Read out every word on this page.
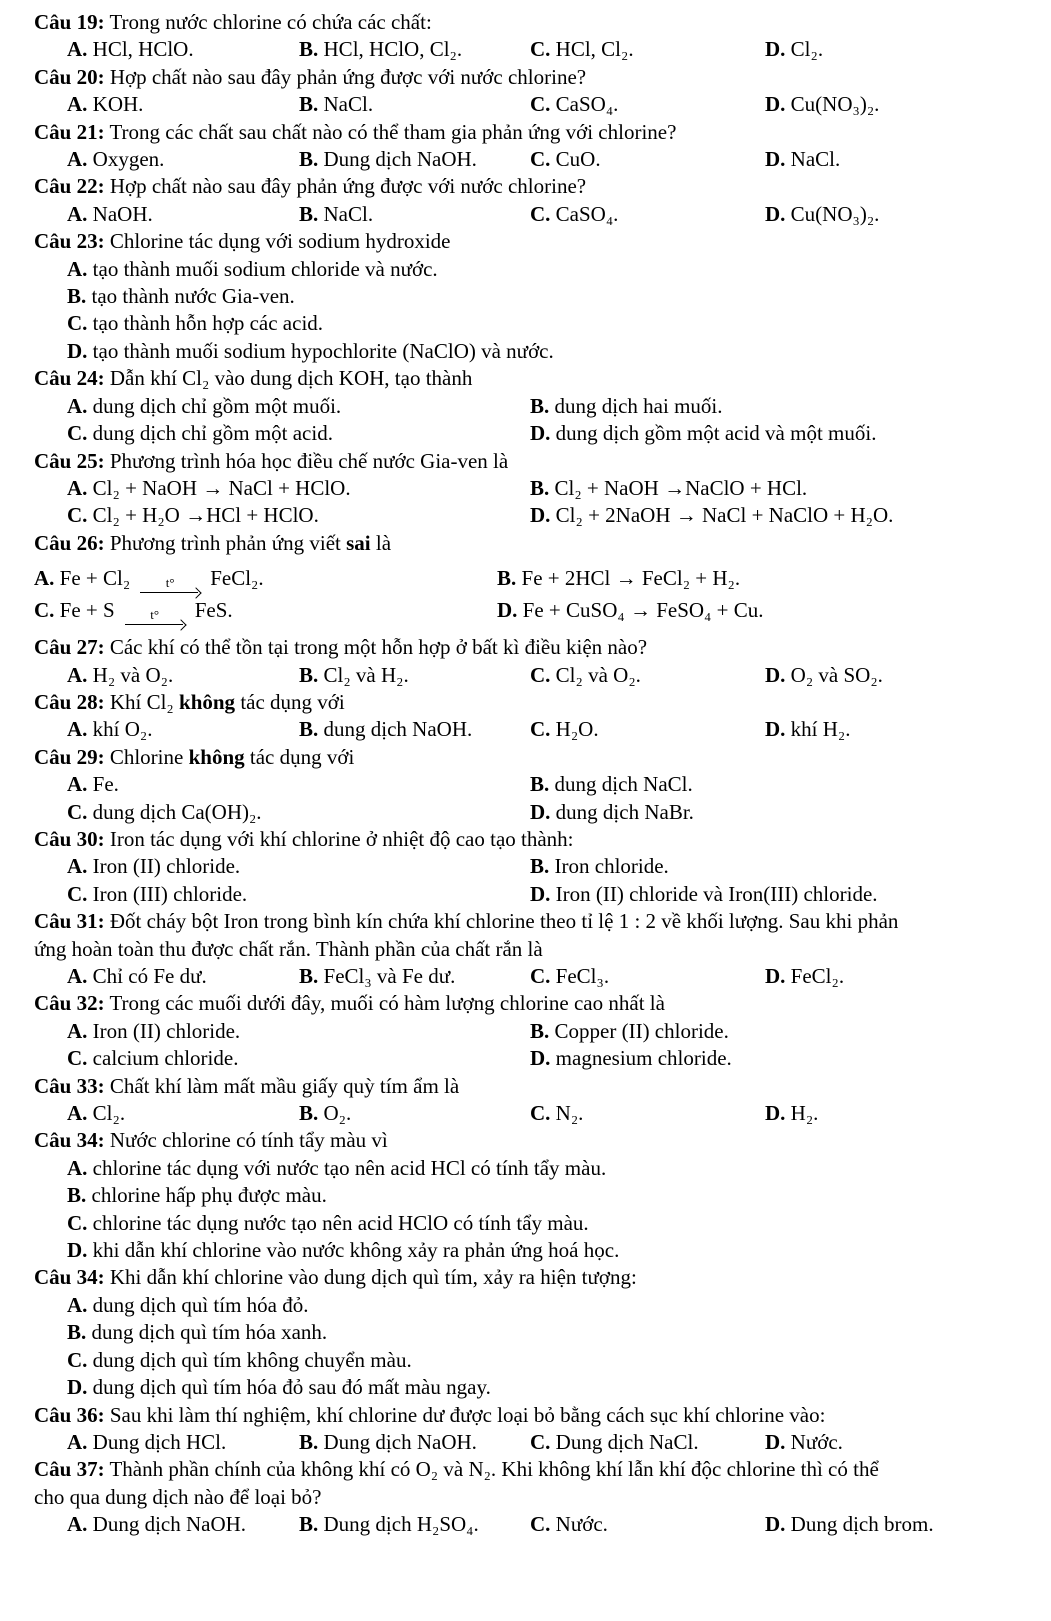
Câu 19: Trong nước chlorine có chứa các chất:
A. HCl, HClO.	B. HCl, HClO, Cl₂.	C. HCl, Cl₂.	D. Cl₂.
Câu 20: Hợp chất nào sau đây phản ứng được với nước chlorine?
A. KOH.	B. NaCl.	C. CaSO₄.	D. Cu(NO₃)₂.
Câu 21: Trong các chất sau chất nào có thể tham gia phản ứng với chlorine?
A. Oxygen.	B. Dung dịch NaOH.	C. CuO.	D. NaCl.
Câu 22: Hợp chất nào sau đây phản ứng được với nước chlorine?
A. NaOH.	B. NaCl.	C. CaSO₄.	D. Cu(NO₃)₂.
Câu 23: Chlorine tác dụng với sodium hydroxide
A. tạo thành muối sodium chloride và nước.
B. tạo thành nước Gia-ven.
C. tạo thành hỗn hợp các acid.
D. tạo thành muối sodium hypochlorite (NaClO) và nước.
Câu 24: Dẫn khí Cl₂ vào dung dịch KOH, tạo thành
A. dung dịch chỉ gồm một muối.	B. dung dịch hai muối.
C. dung dịch chỉ gồm một acid.	D. dung dịch gồm một acid và một muối.
Câu 25: Phương trình hóa học điều chế nước Gia-ven là
A. Cl₂ + NaOH → NaCl + HClO.	B. Cl₂ + NaOH →NaClO + HCl.
C. Cl₂ + H₂O →HCl + HClO.	D. Cl₂ + 2NaOH → NaCl + NaClO + H₂O.
Câu 26: Phương trình phản ứng viết sai là
A. Fe + Cl₂	t° FeCl₂.	B. Fe + 2HCl → FeCl₂ + H₂.
C. Fe + S	t° FeS.	D. Fe + CuSO₄ → FeSO₄ + Cu.
Câu 27: Các khí có thể tồn tại trong một hỗn hợp ở bất kì điều kiện nào?
A. H₂ và O₂.	B. Cl₂ và H₂.	C. Cl₂ và O₂.	D. O₂ và SO₂.
Câu 28: Khí Cl₂ không tác dụng với
A. khí O₂.	B. dung dịch NaOH.	C. H₂O.	D. khí H₂.
Câu 29: Chlorine không tác dụng với
A. Fe.	B. dung dịch NaCl.
C. dung dịch Ca(OH)₂.	D. dung dịch NaBr.
Câu 30: Iron tác dụng với khí chlorine ở nhiệt độ cao tạo thành:
A. Iron (II) chloride.	B. Iron chloride.
C. Iron (III) chloride.	D. Iron (II) chloride và Iron(III) chloride.
Câu 31: Đốt cháy bột Iron trong bình kín chứa khí chlorine theo tỉ lệ 1 : 2 về khối lượng. Sau khi phản
ứng hoàn toàn thu được chất rắn. Thành phần của chất rắn là
A. Chỉ có Fe dư.	B. FeCl₃ và Fe dư.	C. FeCl₃.	D. FeCl₂.
Câu 32: Trong các muối dưới đây, muối có hàm lượng chlorine cao nhất là
A. Iron (II) chloride.	B. Copper (II) chloride.
C. calcium chloride.	D. magnesium chloride.
Câu 33: Chất khí làm mất mầu giấy quỳ tím ẩm là
A. Cl₂.	B. O₂.	C. N₂.	D. H₂.
Câu 34: Nước chlorine có tính tẩy màu vì
A. chlorine tác dụng với nước tạo nên acid HCl có tính tẩy màu.
B. chlorine hấp phụ được màu.
C. chlorine tác dụng nước tạo nên acid HClO có tính tẩy màu.
D. khi dẫn khí chlorine vào nước không xảy ra phản ứng hoá học.
Câu 34: Khi dẫn khí chlorine vào dung dịch quì tím, xảy ra hiện tượng:
A. dung dịch quì tím hóa đỏ.
B. dung dịch quì tím hóa xanh.
C. dung dịch quì tím không chuyển màu.
D. dung dịch quì tím hóa đỏ sau đó mất màu ngay.
Câu 36: Sau khi làm thí nghiệm, khí chlorine dư được loại bỏ bằng cách sục khí chlorine vào:
A. Dung dịch HCl.	B. Dung dịch NaOH.	C. Dung dịch NaCl.	D. Nước.
Câu 37: Thành phần chính của không khí có O₂ và N₂. Khi không khí lẫn khí độc chlorine thì có thể
cho qua dung dịch nào để loại bỏ?
A. Dung dịch NaOH.	B. Dung dịch H₂SO₄.	C. Nước.	D. Dung dịch brom.
